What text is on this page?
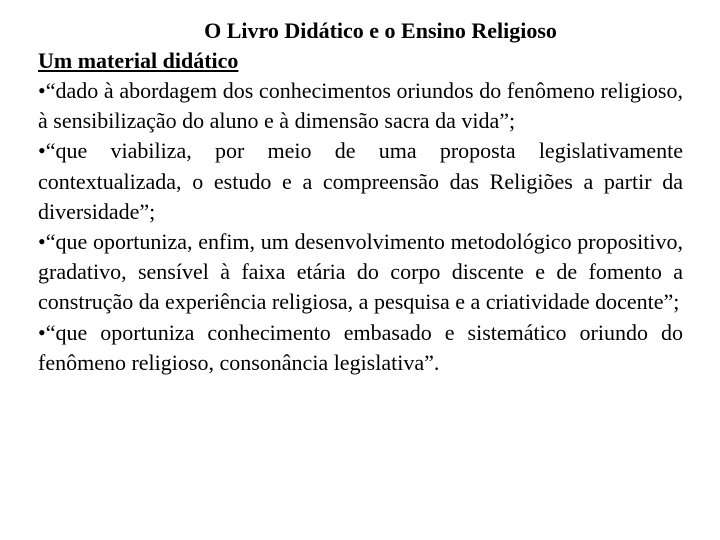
O Livro Didático e o Ensino Religioso
Um material didático
•“dado à abordagem dos conhecimentos oriundos do fenômeno religioso, à sensibilização do aluno e à dimensão sacra da vida”;
•“que viabiliza, por meio de uma proposta legislativamente contextualizada, o estudo e a compreensão das Religiões a partir da diversidade”;
•“que oportuniza, enfim, um desenvolvimento metodológico propositivo, gradativo, sensível à faixa etária do corpo discente e de fomento a construção da experiência religiosa, a pesquisa e a criatividade docente”;
•“que oportuniza conhecimento embasado e sistemático oriundo do fenômeno religioso, consonância legislativa”.
